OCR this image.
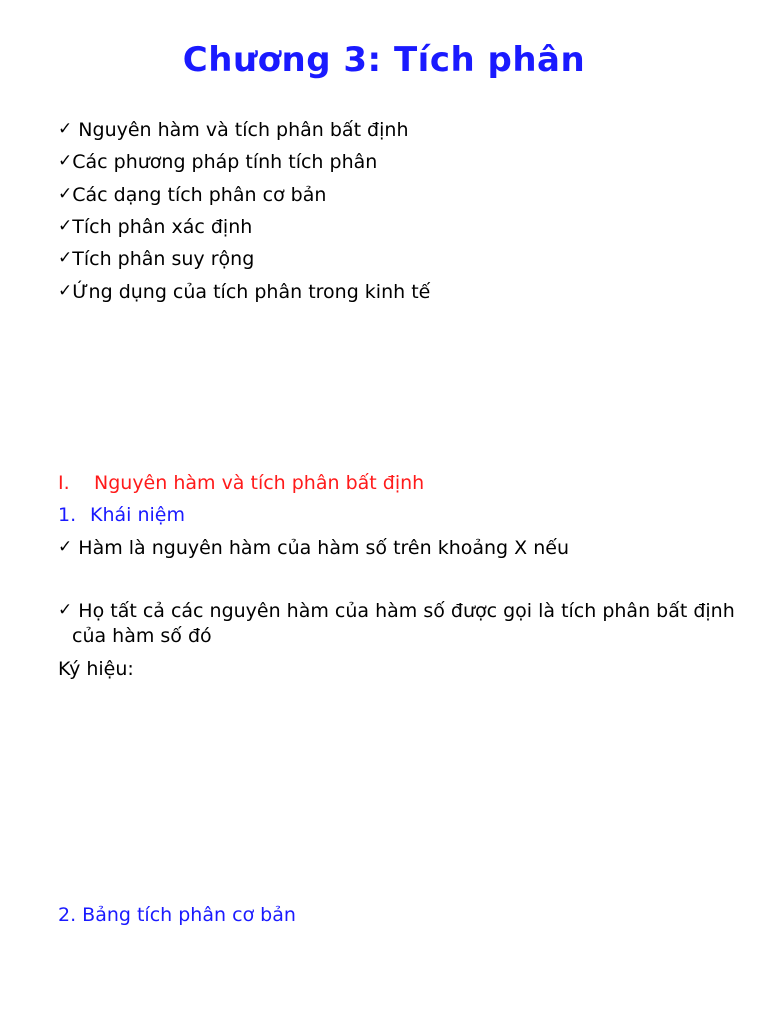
Chương 3: Tích phân
✓ Nguyên hàm và tích phân bất định
✓Các phương pháp tính tích phân
✓Các dạng tích phân cơ bản
✓Tích phân xác định
✓Tích phân suy rộng
✓Ứng dụng của tích phân trong kinh tế
I. Nguyên hàm và tích phân bất định
1. Khái niệm
✓ Hàm là nguyên hàm của hàm số trên khoảng X nếu
✓ Họ tất cả các nguyên hàm của hàm số được gọi là tích phân bất định
của hàm số đó
Ký hiệu:
2. Bảng tích phân cơ bản
